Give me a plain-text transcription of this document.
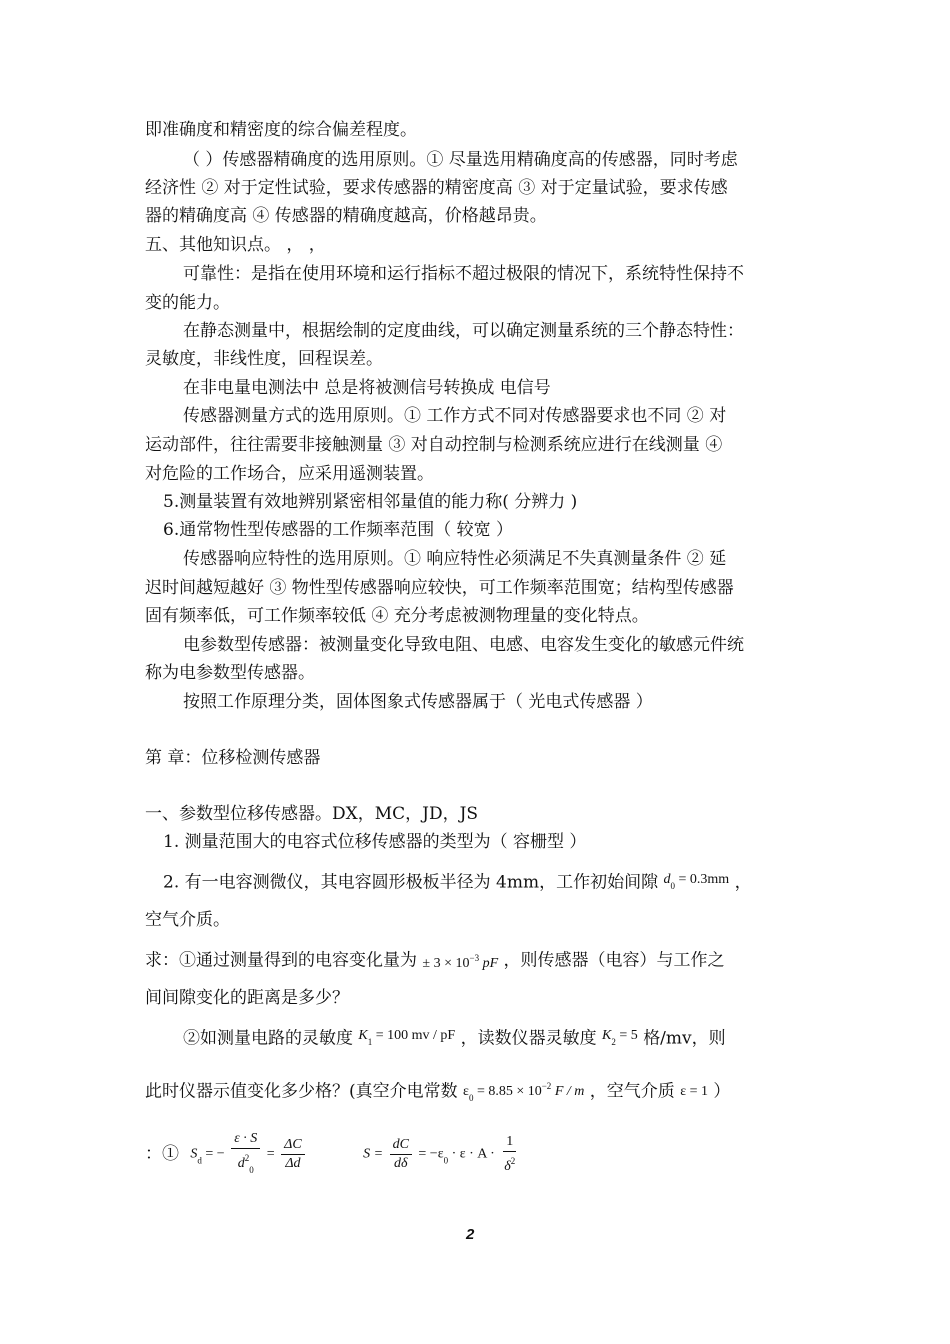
即准确度和精密度的综合偏差程度。
（ ）传感器精确度的选用原则。① 尽量选用精确度高的传感器，同时考虑
经济性 ② 对于定性试验，要求传感器的精密度高 ③ 对于定量试验，要求传感
器的精确度高 ④ 传感器的精确度越高，价格越昂贵。
五、其他知识点。 ， ，
可靠性：是指在使用环境和运行指标不超过极限的情况下，系统特性保持不
变的能力。
在静态测量中，根据绘制的定度曲线，可以确定测量系统的三个静态特性：
灵敏度，非线性度，回程误差。
在非电量电测法中 总是将被测信号转换成 电信号
传感器测量方式的选用原则。① 工作方式不同对传感器要求也不同 ② 对
运动部件，往往需要非接触测量 ③ 对自动控制与检测系统应进行在线测量 ④
对危险的工作场合，应采用遥测装置。
5.测量装置有效地辨别紧密相邻量值的能力称( 分辨力 )
6.通常物性型传感器的工作频率范围（ 较宽 ）
传感器响应特性的选用原则。① 响应特性必须满足不失真测量条件 ② 延
迟时间越短越好 ③ 物性型传感器响应较快，可工作频率范围宽；结构型传感器
固有频率低，可工作频率较低 ④ 充分考虑被测物理量的变化特点。
电参数型传感器：被测量变化导致电阻、电感、电容发生变化的敏感元件统
称为电参数型传感器。
按照工作原理分类，固体图象式传感器属于（ 光电式传感器 ）
第 章：位移检测传感器
一、参数型位移传感器。DX，MC，JD，JS
1. 测量范围大的电容式位移传感器的类型为（ 容栅型 ）
2. 有一电容测微仪，其电容圆形极板半径为 4mm，工作初始间隙 $d_0 = 0.3mm$ ，
空气介质。
求：①通过测量得到的电容变化量为 ± $3 \times 10^{-3}$ pF ，则传感器（电容）与工作之
间间隙变化的距离是多少？
②如测量电路的灵敏度 $K_1 = 100$ mv / pF ，读数仪器灵敏度 $K_2 = 5$ 格/mv，则
此时仪器示值变化多少格？(真空介电常数 $\varepsilon_0 = 8.85 \times 10^{-2}$ F / m ，空气介质 ε = 1 ）
：① $S_d$ = − $\frac{\varepsilon \cdot S}{d^2_0} = \frac{\Delta C}{\Delta d}$	$S = \frac{dC}{d\delta} = -\varepsilon_0 \cdot \varepsilon \cdot A \cdot \frac{1}{\delta^2}$
2
